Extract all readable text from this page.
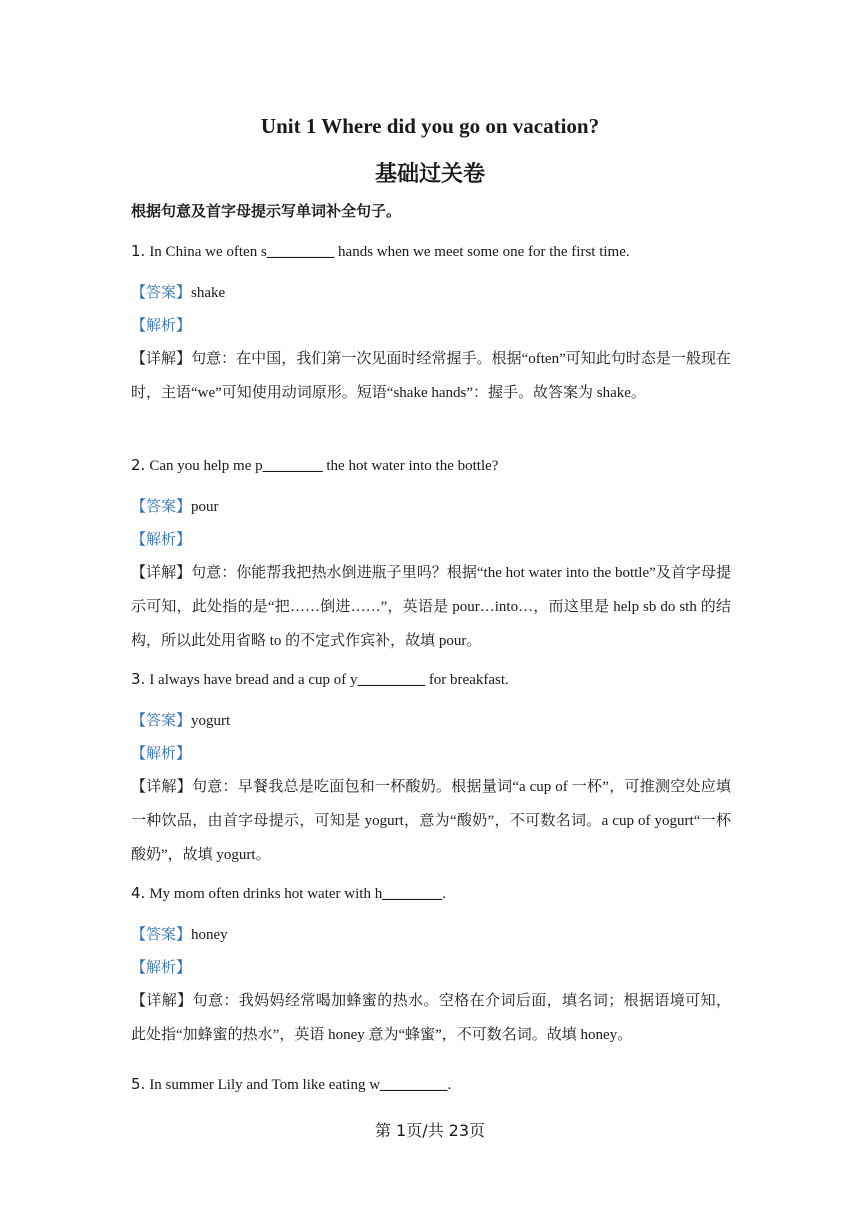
Unit 1 Where did you go on vacation?
基础过关卷
根据句意及首字母提示写单词补全句子。
1. In China we often s_________ hands when we meet some one for the first time.
【答案】shake
【解析】
【详解】句意：在中国，我们第一次见面时经常握手。根据“often”可知此句时态是一般现在时，主语“we”可知使用动词原形。短语“shake hands”：握手。故答案为 shake。
2. Can you help me p________ the hot water into the bottle?
【答案】pour
【解析】
【详解】句意：你能帮我把热水倒进瓶子里吗？根据“the hot water into the bottle”及首字母提示可知，此处指的是“把……倒进……”，英语是 pour…into…，而这里是 help sb do sth 的结构，所以此处用省略 to 的不定式作宾补，故填 pour。
3. I always have bread and a cup of y_________ for breakfast.
【答案】yogurt
【解析】
【详解】句意：早餐我总是吃面包和一杯酸奶。根据量词“a cup of 一杯”，可推测空处应填一种饮品，由首字母提示，可知是 yogurt，意为“酸奶”，不可数名词。a cup of yogurt“一杯酸奶”，故填 yogurt。
4. My mom often drinks hot water with h________.
【答案】honey
【解析】
【详解】句意：我妈妈经常喝加蜂蜜的热水。空格在介词后面，填名词；根据语境可知，此处指“加蜂蜜的热水”，英语 honey 意为“蜂蜜”，不可数名词。故填 honey。
5. In summer Lily and Tom like eating w_________.
第 1页/共 23页
